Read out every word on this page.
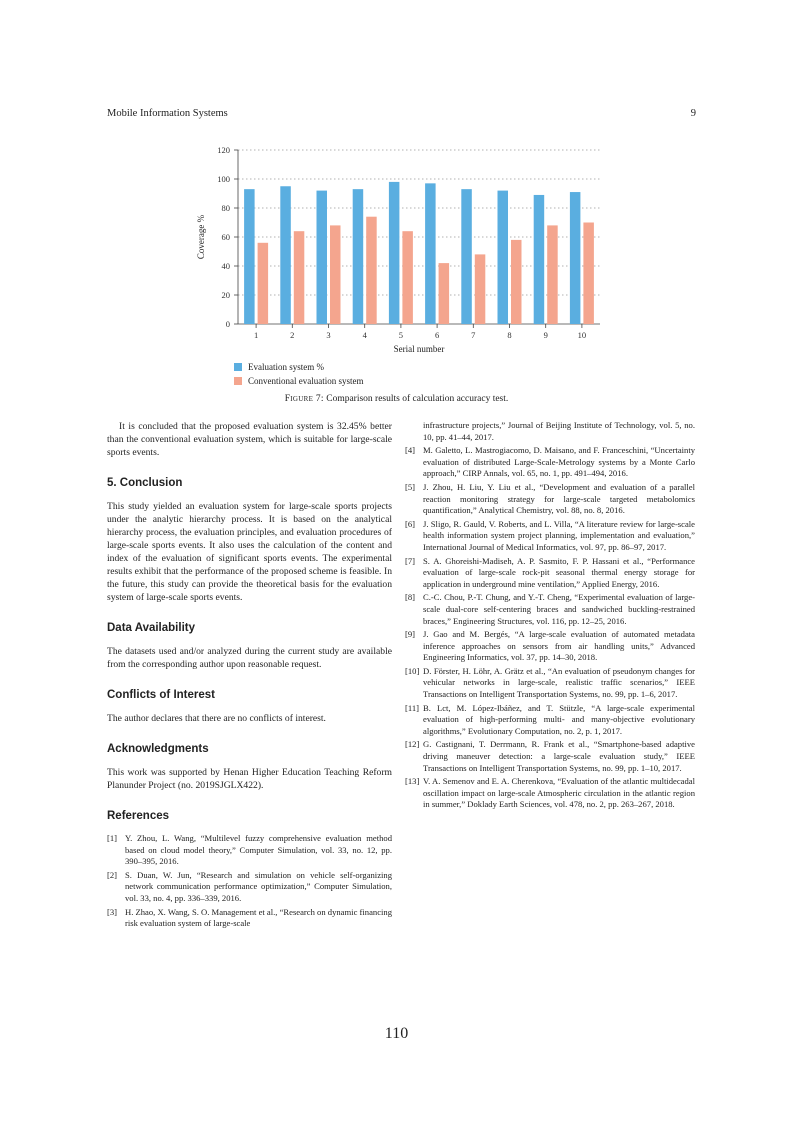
Mobile Information Systems	9
0
20
40
60
80
100
120
1	2	3	4	5	6	7	8	9	10
Serial number
Coverage %
Evaluation system %
Conventional evaluation system
Figure 7: Comparison results of calculation accuracy test.

It is concluded that the proposed evaluation system is 32.45% better than the conventional evaluation system, which is suitable for large-scale sports events.

5. Conclusion

This study yielded an evaluation system for large-scale sports projects under the analytic hierarchy process. It is based on the analytical hierarchy process, the evaluation principles, and evaluation procedures of large-scale sports events. It also uses the calculation of the content and index of the evaluation of significant sports events. The experimental results exhibit that the performance of the proposed scheme is feasible. In the future, this study can provide the theoretical basis for the evaluation system of large-scale sports events.

Data Availability

The datasets used and/or analyzed during the current study are available from the corresponding author upon reasonable request.

Conflicts of Interest

The author declares that there are no conflicts of interest.

Acknowledgments

This work was supported by Henan Higher Education Teaching Reform Planunder Project (no. 2019SJGLX422).

References
[1] Y. Zhou, L. Wang, “Multilevel fuzzy comprehensive evaluation method based on cloud model theory,” Computer Simulation, vol. 33, no. 12, pp. 390–395, 2016.
[2] S. Duan, W. Jun, “Research and simulation on vehicle self-organizing network communication performance optimization,” Computer Simulation, vol. 33, no. 4, pp. 336–339, 2016.
[3] H. Zhao, X. Wang, S. O. Management et al., “Research on dynamic financing risk evaluation system of large-scale
infrastructure projects,” Journal of Beijing Institute of Technology, vol. 5, no. 10, pp. 41–44, 2017.
[4] M. Galetto, L. Mastrogiacomo, D. Maisano, and F. Franceschini, “Uncertainty evaluation of distributed Large-Scale-Metrology systems by a Monte Carlo approach,” CIRP Annals, vol. 65, no. 1, pp. 491–494, 2016.
[5] J. Zhou, H. Liu, Y. Liu et al., “Development and evaluation of a parallel reaction monitoring strategy for large-scale targeted metabolomics quantification,” Analytical Chemistry, vol. 88, no. 8, 2016.
[6] J. Sligo, R. Gauld, V. Roberts, and L. Villa, “A literature review for large-scale health information system project planning, implementation and evaluation,” International Journal of Medical Informatics, vol. 97, pp. 86–97, 2017.
[7] S. A. Ghoreishi-Madiseh, A. P. Sasmito, F. P. Hassani et al., “Performance evaluation of large-scale rock-pit seasonal thermal energy storage for application in underground mine ventilation,” Applied Energy, 2016.
[8] C.-C. Chou, P.-T. Chung, and Y.-T. Cheng, “Experimental evaluation of large-scale dual-core self-centering braces and sandwiched buckling-restrained braces,” Engineering Structures, vol. 116, pp. 12–25, 2016.
[9] J. Gao and M. Bergés, “A large-scale evaluation of automated metadata inference approaches on sensors from air handling units,” Advanced Engineering Informatics, vol. 37, pp. 14–30, 2018.
[10] D. Förster, H. Löhr, A. Grätz et al., “An evaluation of pseudonym changes for vehicular networks in large-scale, realistic traffic scenarios,” IEEE Transactions on Intelligent Transportation Systems, no. 99, pp. 1–6, 2017.
[11] B. Lct, M. López-Ibáñez, and T. Stützle, “A large-scale experimental evaluation of high-performing multi- and many-objective evolutionary algorithms,” Evolutionary Computation, no. 2, p. 1, 2017.
[12] G. Castignani, T. Derrmann, R. Frank et al., “Smartphone-based adaptive driving maneuver detection: a large-scale evaluation study,” IEEE Transactions on Intelligent Transportation Systems, no. 99, pp. 1–10, 2017.
[13] V. A. Semenov and E. A. Cherenkova, “Evaluation of the atlantic multidecadal oscillation impact on large-scale Atmospheric circulation in the atlantic region in summer,” Doklady Earth Sciences, vol. 478, no. 2, pp. 263–267, 2018.
110
